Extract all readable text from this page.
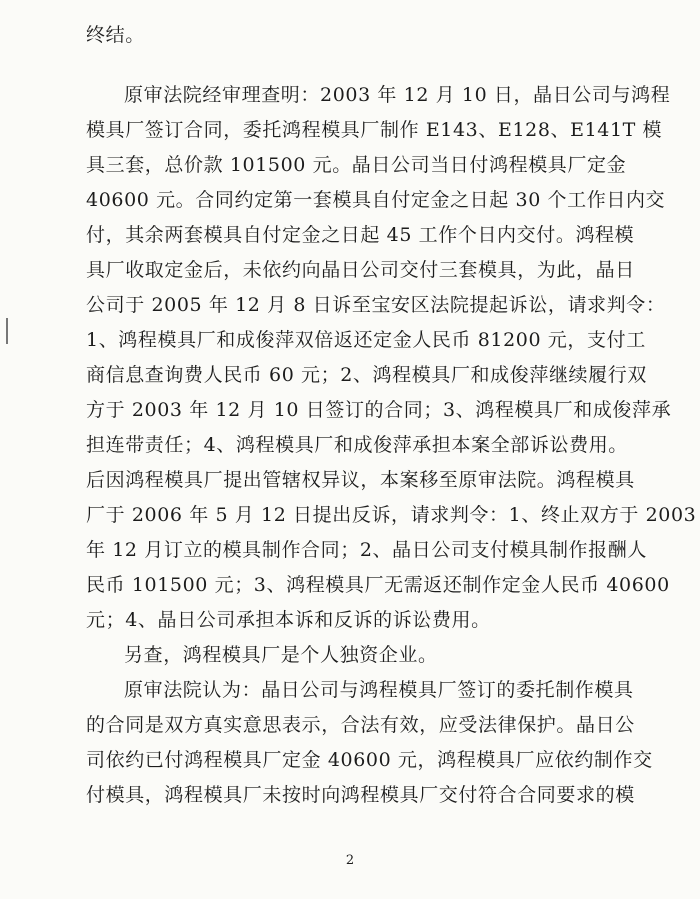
终结。
原审法院经审理查明：2003 年 12 月 10 日，晶日公司与鸿程
模具厂签订合同，委托鸿程模具厂制作 E143、E128、E141T 模
具三套，总价款 101500 元。晶日公司当日付鸿程模具厂定金
40600 元。合同约定第一套模具自付定金之日起 30 个工作日内交
付，其余两套模具自付定金之日起 45 工作个日内交付。鸿程模
具厂收取定金后，未依约向晶日公司交付三套模具，为此，晶日
公司于 2005 年 12 月 8 日诉至宝安区法院提起诉讼，请求判令：
1、鸿程模具厂和成俊萍双倍返还定金人民币 81200 元，支付工
商信息查询费人民币 60 元；2、鸿程模具厂和成俊萍继续履行双
方于 2003 年 12 月 10 日签订的合同；3、鸿程模具厂和成俊萍承
担连带责任；4、鸿程模具厂和成俊萍承担本案全部诉讼费用。
后因鸿程模具厂提出管辖权异议，本案移至原审法院。鸿程模具
厂于 2006 年 5 月 12 日提出反诉，请求判令：1、终止双方于 2003
年 12 月订立的模具制作合同；2、晶日公司支付模具制作报酬人
民币 101500 元；3、鸿程模具厂无需返还制作定金人民币 40600
元；4、晶日公司承担本诉和反诉的诉讼费用。
另查，鸿程模具厂是个人独资企业。
原审法院认为：晶日公司与鸿程模具厂签订的委托制作模具
的合同是双方真实意思表示，合法有效，应受法律保护。晶日公
司依约已付鸿程模具厂定金 40600 元，鸿程模具厂应依约制作交
付模具，鸿程模具厂未按时向鸿程模具厂交付符合合同要求的模
2
